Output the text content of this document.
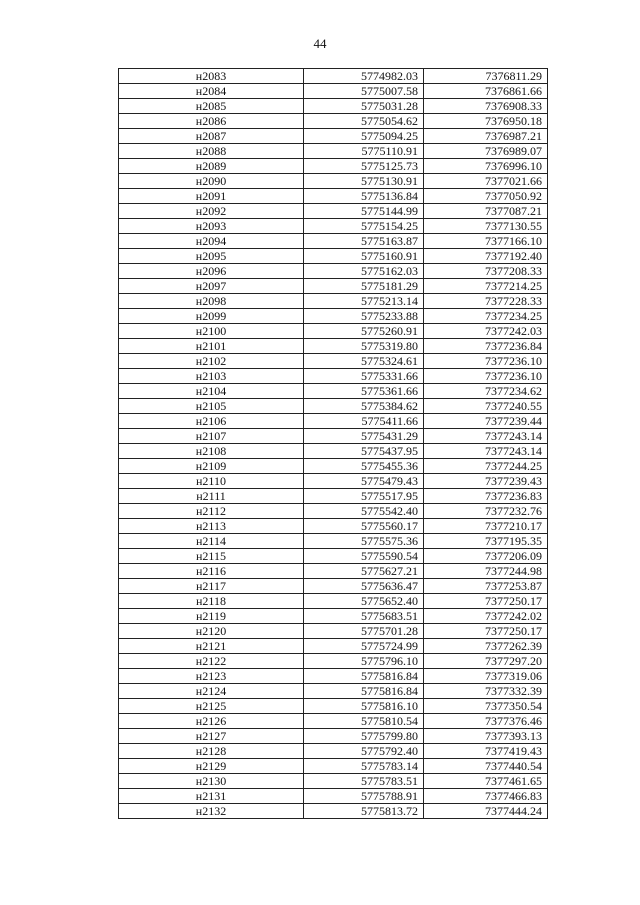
44
н2083	5774982.03	7376811.29
н2084	5775007.58	7376861.66
н2085	5775031.28	7376908.33
н2086	5775054.62	7376950.18
н2087	5775094.25	7376987.21
н2088	5775110.91	7376989.07
н2089	5775125.73	7376996.10
н2090	5775130.91	7377021.66
н2091	5775136.84	7377050.92
н2092	5775144.99	7377087.21
н2093	5775154.25	7377130.55
н2094	5775163.87	7377166.10
н2095	5775160.91	7377192.40
н2096	5775162.03	7377208.33
н2097	5775181.29	7377214.25
н2098	5775213.14	7377228.33
н2099	5775233.88	7377234.25
н2100	5775260.91	7377242.03
н2101	5775319.80	7377236.84
н2102	5775324.61	7377236.10
н2103	5775331.66	7377236.10
н2104	5775361.66	7377234.62
н2105	5775384.62	7377240.55
н2106	5775411.66	7377239.44
н2107	5775431.29	7377243.14
н2108	5775437.95	7377243.14
н2109	5775455.36	7377244.25
н2110	5775479.43	7377239.43
н2111	5775517.95	7377236.83
н2112	5775542.40	7377232.76
н2113	5775560.17	7377210.17
н2114	5775575.36	7377195.35
н2115	5775590.54	7377206.09
н2116	5775627.21	7377244.98
н2117	5775636.47	7377253.87
н2118	5775652.40	7377250.17
н2119	5775683.51	7377242.02
н2120	5775701.28	7377250.17
н2121	5775724.99	7377262.39
н2122	5775796.10	7377297.20
н2123	5775816.84	7377319.06
н2124	5775816.84	7377332.39
н2125	5775816.10	7377350.54
н2126	5775810.54	7377376.46
н2127	5775799.80	7377393.13
н2128	5775792.40	7377419.43
н2129	5775783.14	7377440.54
н2130	5775783.51	7377461.65
н2131	5775788.91	7377466.83
н2132	5775813.72	7377444.24
